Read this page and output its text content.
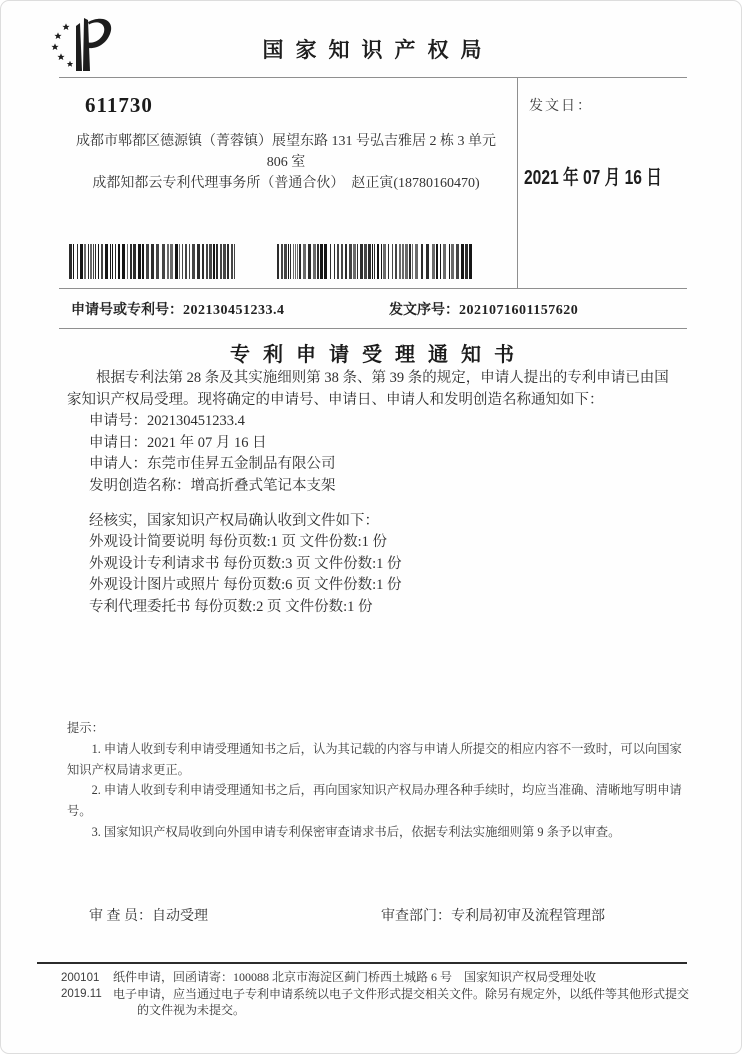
国家知识产权局
611730
成都市郫都区德源镇（菁蓉镇）展望东路 131 号弘吉雅居 2 栋 3 单元
806 室
成都知都云专利代理事务所（普通合伙）　赵正寅(18780160470)
发文日：
2021 年 07 月 16 日
申请号或专利号：202130451233.4	发文序号：2021071601157620
专利申请受理通知书

根据专利法第 28 条及其实施细则第 38 条、第 39 条的规定，申请人提出的专利申请已由国家知识产权局受理。现将确定的申请号、申请日、申请人和发明创造名称通知如下：

申请号：202130451233.4
申请日：2021 年 07 月 16 日
申请人：东莞市佳昇五金制品有限公司
发明创造名称：增高折叠式笔记本支架
经核实，国家知识产权局确认收到文件如下：
外观设计简要说明 每份页数:1 页 文件份数:1 份
外观设计专利请求书 每份页数:3 页 文件份数:1 份
外观设计图片或照片 每份页数:6 页 文件份数:1 份
专利代理委托书 每份页数:2 页 文件份数:1 份
提示：

1. 申请人收到专利申请受理通知书之后，认为其记载的内容与申请人所提交的相应内容不一致时，可以向国家知识产权局请求更正。

2. 申请人收到专利申请受理通知书之后，再向国家知识产权局办理各种手续时，均应当准确、清晰地写明申请号。

3. 国家知识产权局收到向外国申请专利保密审查请求书后，依据专利法实施细则第 9 条予以审查。

审 查 员：自动受理	审查部门：专利局初审及流程管理部
200101
2019.11

纸件申请，回函请寄：100088 北京市海淀区蓟门桥西土城路 6 号　国家知识产权局受理处收

电子申请，应当通过电子专利申请系统以电子文件形式提交相关文件。除另有规定外，以纸件等其他形式提交的文件视为未提交。
